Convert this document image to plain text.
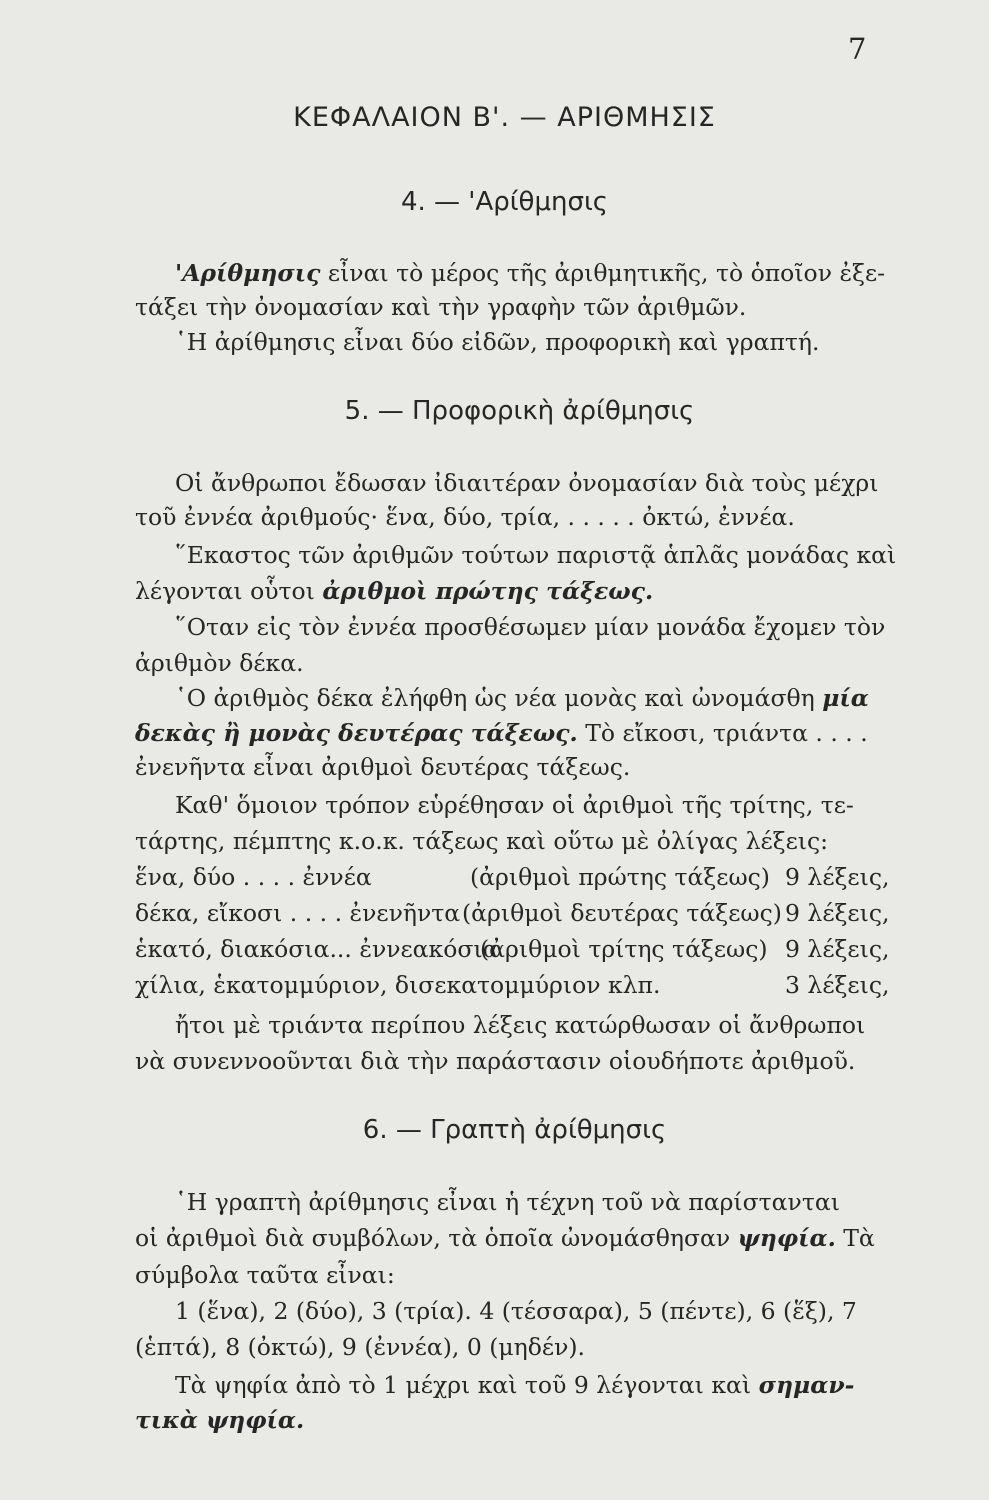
7
ΚΕΦΑΛΑΙΟΝ Β'. — ΑΡΙΘΜΗΣΙΣ
4. — 'Αρίθμησις
'Αρίθμησις εἶναι τὸ μέρος τῆς ἀριθμητικῆς, τὸ ὁποῖον ἐξε-
τάξει τὴν ὀνομασίαν καὶ τὴν γραφὴν τῶν ἀριθμῶν.
῾Η ἀρίθμησις εἶναι δύο εἰδῶν, προφορικὴ καὶ γραπτή.
5. — Προφορικὴ ἀρίθμησις
Οἱ ἄνθρωποι ἔδωσαν ἰδιαιτέραν ὀνομασίαν διὰ τοὺς μέχρι
τοῦ ἐννέα ἀριθμούς· ἕνα, δύο, τρία, . . . . . ὀκτώ, ἐννέα.
῞Εκαστος τῶν ἀριθμῶν τούτων παριστᾷ ἁπλᾶς μονάδας καὶ
λέγονται οὗτοι ἀριθμοὶ πρώτης τάξεως.
῞Οταν εἰς τὸν ἐννέα προσθέσωμεν μίαν μονάδα ἔχομεν τὸν
ἀριθμὸν δέκα.
῾Ο ἀριθμὸς δέκα ἐλήφθη ὡς νέα μονὰς καὶ ὠνομάσθη μία
δεκὰς ἢ μονὰς δευτέρας τάξεως. Τὸ εἴκοσι, τριάντα . . . .
ἐνενῆντα εἶναι ἀριθμοὶ δευτέρας τάξεως.
Καθ' ὅμοιον τρόπον εὑρέθησαν οἱ ἀριθμοὶ τῆς τρίτης, τε-
τάρτης, πέμπτης κ.ο.κ. τάξεως καὶ οὕτω μὲ ὀλίγας λέξεις:
ἕνα, δύο . . . . ἐννέα	(ἀριθμοὶ πρώτης τάξεως) 9 λέξεις,
δέκα, εἴκοσι . . . . ἐνενῆντα (ἀριθμοὶ δευτέρας τάξεως) 9 λέξεις,
ἑκατό, διακόσια... ἐννεακόσια
(ἀριθμοὶ τρίτης τάξεως) 9 λέξεις,
χίλια, ἑκατομμύριον, δισεκατομμύριον κλπ.	3 λέξεις,
ἤτοι μὲ τριάντα περίπου λέξεις κατώρθωσαν οἱ ἄνθρωποι
νὰ συνεννοοῦνται διὰ τὴν παράστασιν οἱουδήποτε ἀριθμοῦ.
6. — Γραπτὴ ἀρίθμησις
῾Η γραπτὴ ἀρίθμησις εἶναι ἡ τέχνη τοῦ νὰ παρίστανται
οἱ ἀριθμοὶ διὰ συμβόλων, τὰ ὁποῖα ὠνομάσθησαν ψηφία. Τὰ
σύμβολα ταῦτα εἶναι:
1 (ἕνα), 2 (δύο), 3 (τρία). 4 (τέσσαρα), 5 (πέντε), 6 (ἕξ), 7
(ἑπτά), 8 (ὀκτώ), 9 (ἐννέα), 0 (μηδέν).
Τὰ ψηφία ἀπὸ τὸ 1 μέχρι καὶ τοῦ 9 λέγονται καὶ σημαν-
τικὰ ψηφία.
